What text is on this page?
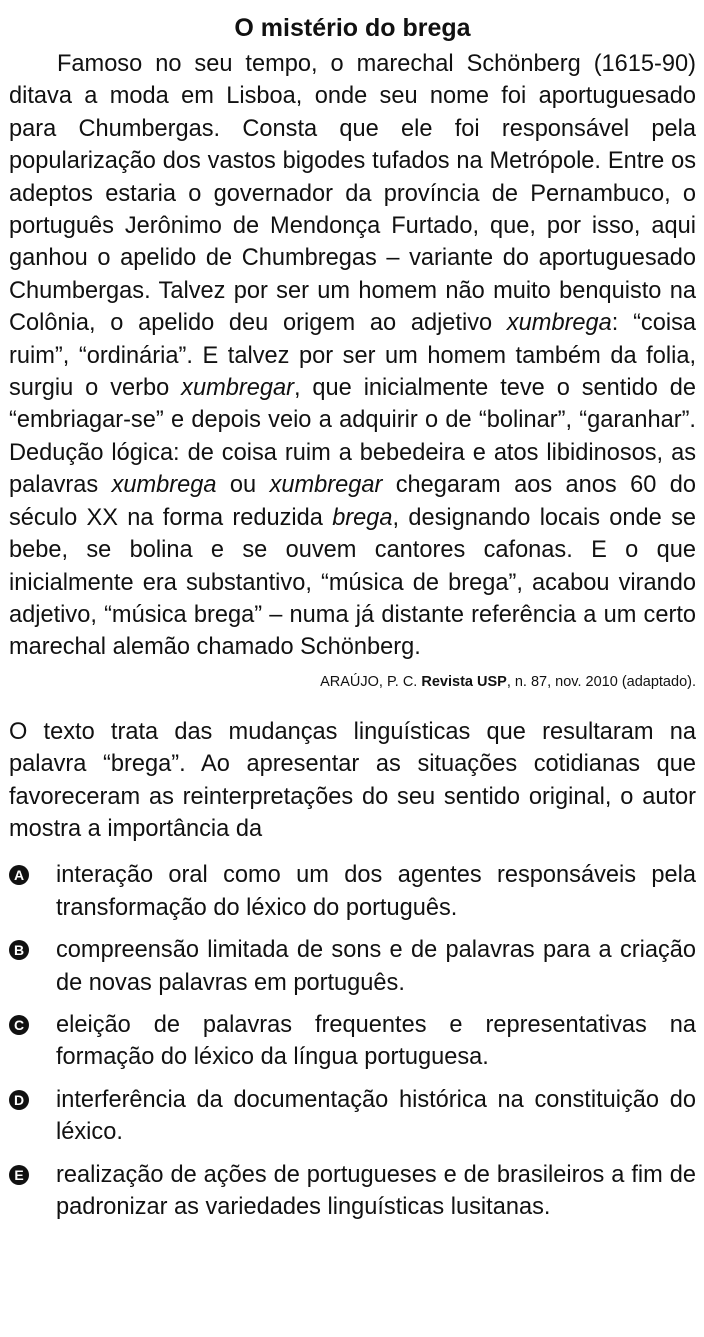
O mistério do brega

Famoso no seu tempo, o marechal Schönberg (1615-90) ditava a moda em Lisboa, onde seu nome foi aportuguesado para Chumbergas. Consta que ele foi responsável pela popularização dos vastos bigodes tufados na Metrópole. Entre os adeptos estaria o governador da província de Pernambuco, o português Jerônimo de Mendonça Furtado, que, por isso, aqui ganhou o apelido de Chumbregas – variante do aportuguesado Chumbergas. Talvez por ser um homem não muito benquisto na Colônia, o apelido deu origem ao adjetivo xumbrega: “coisa ruim”, “ordinária”. E talvez por ser um homem também da folia, surgiu o verbo xumbregar, que inicialmente teve o sentido de “embriagar-se” e depois veio a adquirir o de “bolinar”, “garanhar”. Dedução lógica: de coisa ruim a bebedeira e atos libidinosos, as palavras xumbrega ou xumbregar chegaram aos anos 60 do século XX na forma reduzida brega, designando locais onde se bebe, se bolina e se ouvem cantores cafonas. E o que inicialmente era substantivo, “música de brega”, acabou virando adjetivo, “música brega” – numa já distante referência a um certo marechal alemão chamado Schönberg.

ARAÚJO, P. C. Revista USP, n. 87, nov. 2010 (adaptado).
O texto trata das mudanças linguísticas que resultaram na palavra “brega”. Ao apresentar as situações cotidianas que favoreceram as reinterpretações do seu sentido original, o autor mostra a importância da
A interação oral como um dos agentes responsáveis pela transformação do léxico do português.
B compreensão limitada de sons e de palavras para a criação de novas palavras em português.
C eleição de palavras frequentes e representativas na formação do léxico da língua portuguesa.
D interferência da documentação histórica na constituição do léxico.
E realização de ações de portugueses e de brasileiros a fim de padronizar as variedades linguísticas lusitanas.
